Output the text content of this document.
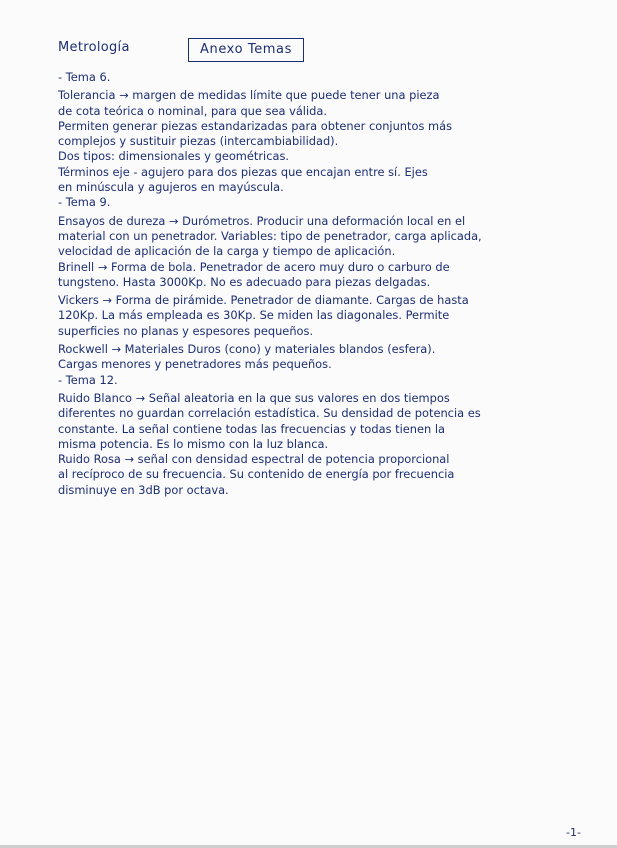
Metrología	Anexo Temas
- Tema 6.
Tolerancia → margen de medidas límite que puede tener una pieza
de cota teórica o nominal, para que sea válida.
Permiten generar piezas estandarizadas para obtener conjuntos más
complejos y sustituir piezas (intercambiabilidad).
Dos tipos: dimensionales y geométricas.
Términos eje - agujero para dos piezas que encajan entre sí. Ejes
en minúscula y agujeros en mayúscula.
- Tema 9.
Ensayos de dureza → Durómetros. Producir una deformación local en el
material con un penetrador. Variables: tipo de penetrador, carga aplicada,
velocidad de aplicación de la carga y tiempo de aplicación.
Brinell → Forma de bola. Penetrador de acero muy duro o carburo de
tungsteno. Hasta 3000Kp. No es adecuado para piezas delgadas.
Vickers → Forma de pirámide. Penetrador de diamante. Cargas de hasta
120Kp. La más empleada es 30Kp. Se miden las diagonales. Permite
superficies no planas y espesores pequeños.
Rockwell → Materiales Duros (cono) y materiales blandos (esfera).
Cargas menores y penetradores más pequeños.
- Tema 12.
Ruido Blanco → Señal aleatoria en la que sus valores en dos tiempos
diferentes no guardan correlación estadística. Su densidad de potencia es
constante. La señal contiene todas las frecuencias y todas tienen la
misma potencia. Es lo mismo con la luz blanca.
Ruido Rosa → señal con densidad espectral de potencia proporcional
al recíproco de su frecuencia. Su contenido de energía por frecuencia
disminuye en 3dB por octava.
-1-
